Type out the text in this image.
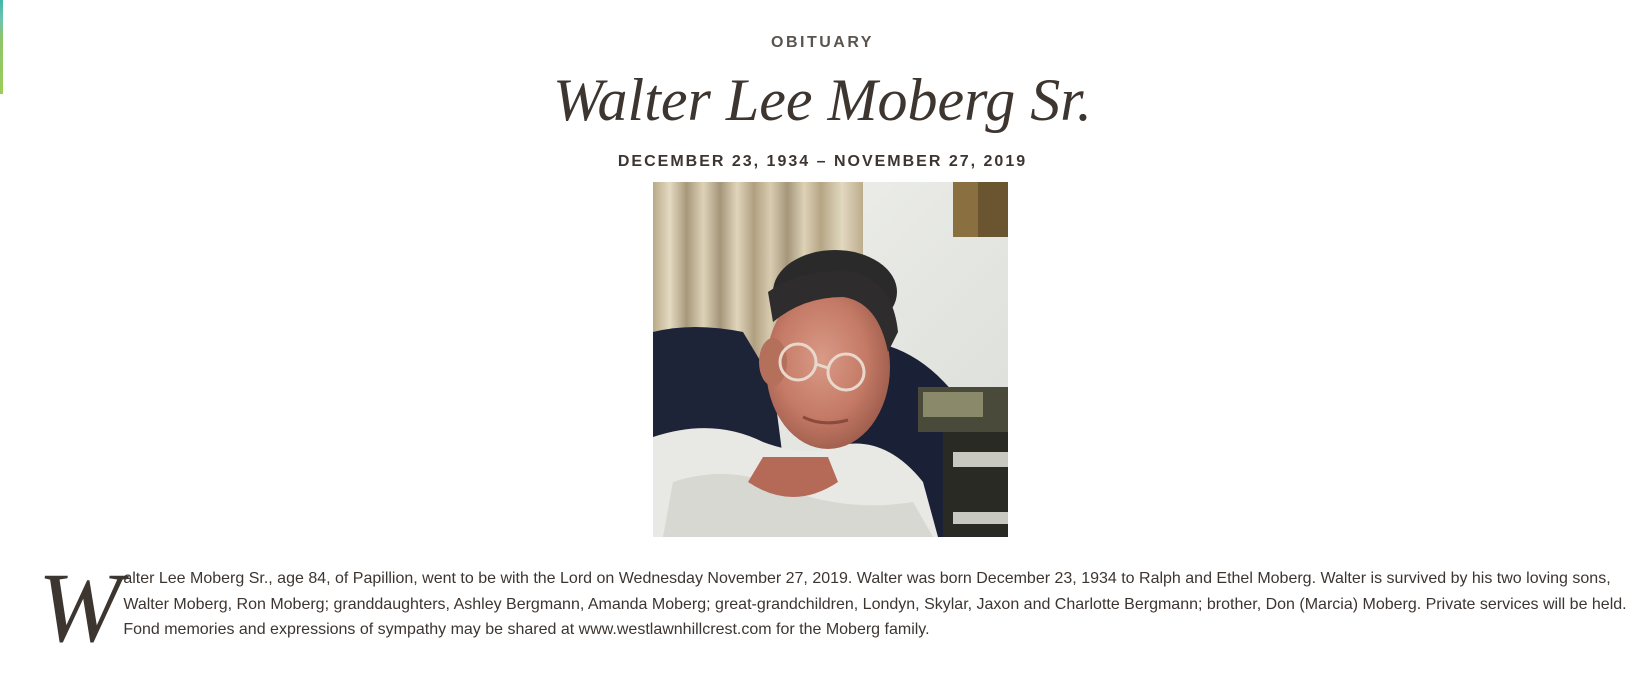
OBITUARY
Walter Lee Moberg Sr.
DECEMBER 23, 1934 – NOVEMBER 27, 2019
W alter Lee Moberg Sr., age 84, of Papillion, went to be with the Lord on Wednesday November 27, 2019. Walter was born December 23, 1934 to Ralph and Ethel Moberg. Walter is survived by his two loving sons, Walter Moberg, Ron Moberg; granddaughters, Ashley Bergmann, Amanda Moberg; great-grandchildren, Londyn, Skylar, Jaxon and Charlotte Bergmann; brother, Don (Marcia) Moberg. Private services will be held. Fond memories and expressions of sympathy may be shared at www.westlawnhillcrest.com for the Moberg family.
